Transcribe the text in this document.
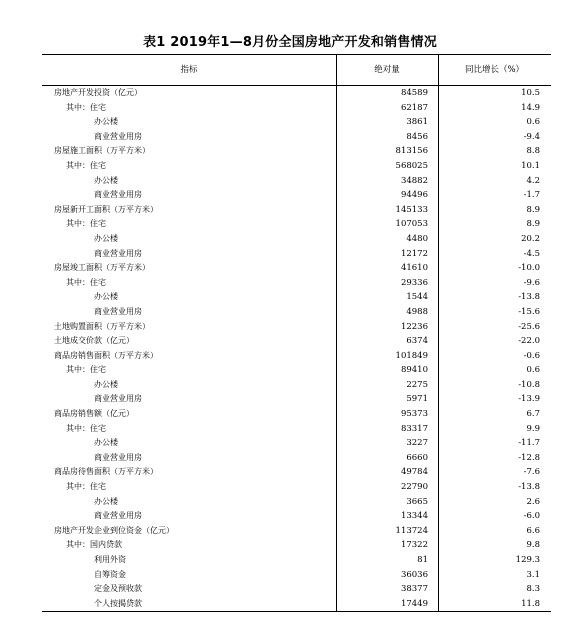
表1 2019年1—8月份全国房地产开发和销售情况
指标	绝对量	同比增长（%）
房地产开发投资（亿元）	84589	10.5
其中：住宅	62187	14.9
办公楼	3861	0.6
商业营业用房	8456	-9.4
房屋施工面积（万平方米）	813156	8.8
其中：住宅	568025	10.1
办公楼	34882	4.2
商业营业用房	94496	-1.7
房屋新开工面积（万平方米）	145133	8.9
其中：住宅	107053	8.9
办公楼	4480	20.2
商业营业用房	12172	-4.5
房屋竣工面积（万平方米）	41610	-10.0
其中：住宅	29336	-9.6
办公楼	1544	-13.8
商业营业用房	4988	-15.6
土地购置面积（万平方米）	12236	-25.6
土地成交价款（亿元）	6374	-22.0
商品房销售面积（万平方米）	101849	-0.6
其中：住宅	89410	0.6
办公楼	2275	-10.8
商业营业用房	5971	-13.9
商品房销售额（亿元）	95373	6.7
其中：住宅	83317	9.9
办公楼	3227	-11.7
商业营业用房	6660	-12.8
商品房待售面积（万平方米）	49784	-7.6
其中：住宅	22790	-13.8
办公楼	3665	2.6
商业营业用房	13344	-6.0
房地产开发企业到位资金（亿元）	113724	6.6
其中：国内贷款	17322	9.8
利用外资	81	129.3
自筹资金	36036	3.1
定金及预收款	38377	8.3
个人按揭贷款	17449	11.8
